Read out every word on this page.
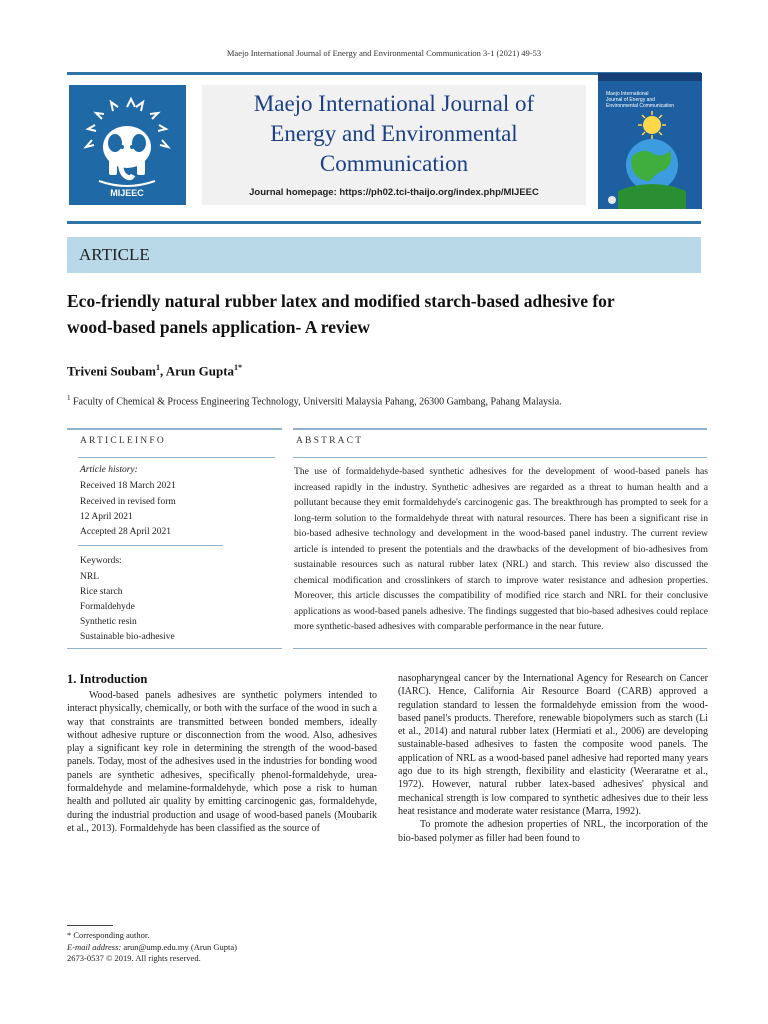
Maejo International Journal of Energy and Environmental Communication 3-1 (2021) 49-53
MIJEEC
Maejo International Journal of
Energy and Environmental
Communication
Journal homepage: https://ph02.tci-thaijo.org/index.php/MIJEEC
Maejo International
Journal of Energy and
Environmental Communication
ARTICLE
Eco-friendly natural rubber latex and modified starch-based adhesive for
wood-based panels application- A review
Triveni Soubam$^1$, Arun Gupta$^{1*}$
$^1$ Faculty of Chemical & Process Engineering Technology, Universiti Malaysia Pahang, 26300 Gambang, Pahang Malaysia.
ARTICLEINFO	ABSTRACT
Article history:
Received 18 March 2021
Received in revised form
12 April 2021
Accepted 28 April 2021
Keywords:
NRL
Rice starch
Formaldehyde
Synthetic resin
Sustainable bio-adhesive
The use of formaldehyde-based synthetic adhesives for the development of wood-based panels has increased rapidly in the industry. Synthetic adhesives are regarded as a threat to human health and a pollutant because they emit formaldehyde's carcinogenic gas. The breakthrough has prompted to seek for a long-term solution to the formaldehyde threat with natural resources. There has been a significant rise in bio-based adhesive technology and development in the wood-based panel industry. The current review article is intended to present the potentials and the drawbacks of the development of bio-adhesives from sustainable resources such as natural rubber latex (NRL) and starch. This review also discussed the chemical modification and crosslinkers of starch to improve water resistance and adhesion properties. Moreover, this article discusses the compatibility of modified rice starch and NRL for their conclusive applications as wood-based panels adhesive. The findings suggested that bio-based adhesives could replace more synthetic-based adhesives with comparable performance in the near future.
1. Introduction

Wood-based panels adhesives are synthetic polymers intended to interact physically, chemically, or both with the surface of the wood in such a way that constraints are transmitted between bonded members, ideally without adhesive rupture or disconnection from the wood. Also, adhesives play a significant key role in determining the strength of the wood-based panels. Today, most of the adhesives used in the industries for bonding wood panels are synthetic adhesives, specifically phenol-formaldehyde, urea-formaldehyde and melamine-formaldehyde, which pose a risk to human health and polluted air quality by emitting carcinogenic gas, formaldehyde, during the industrial production and usage of wood-based panels (Moubarik et al., 2013). Formaldehyde has been classified as the source of

nasopharyngeal cancer by the International Agency for Research on Cancer (IARC). Hence, California Air Resource Board (CARB) approved a regulation standard to lessen the formaldehyde emission from the wood-based panel's products. Therefore, renewable biopolymers such as starch (Li et al., 2014) and natural rubber latex (Hermiati et al., 2006) are developing sustainable-based adhesives to fasten the composite wood panels. The application of NRL as a wood-based panel adhesive had reported many years ago due to its high strength, flexibility and elasticity (Weeraratne et al., 1972). However, natural rubber latex-based adhesives' physical and mechanical strength is low compared to synthetic adhesives due to their less heat resistance and moderate water resistance (Marra, 1992).

To promote the adhesion properties of NRL, the incorporation of the bio-based polymer as filler had been found to

* Corresponding author.
E-mail address: arun@ump.edu.my (Arun Gupta)
2673-0537 © 2019. All rights reserved.
